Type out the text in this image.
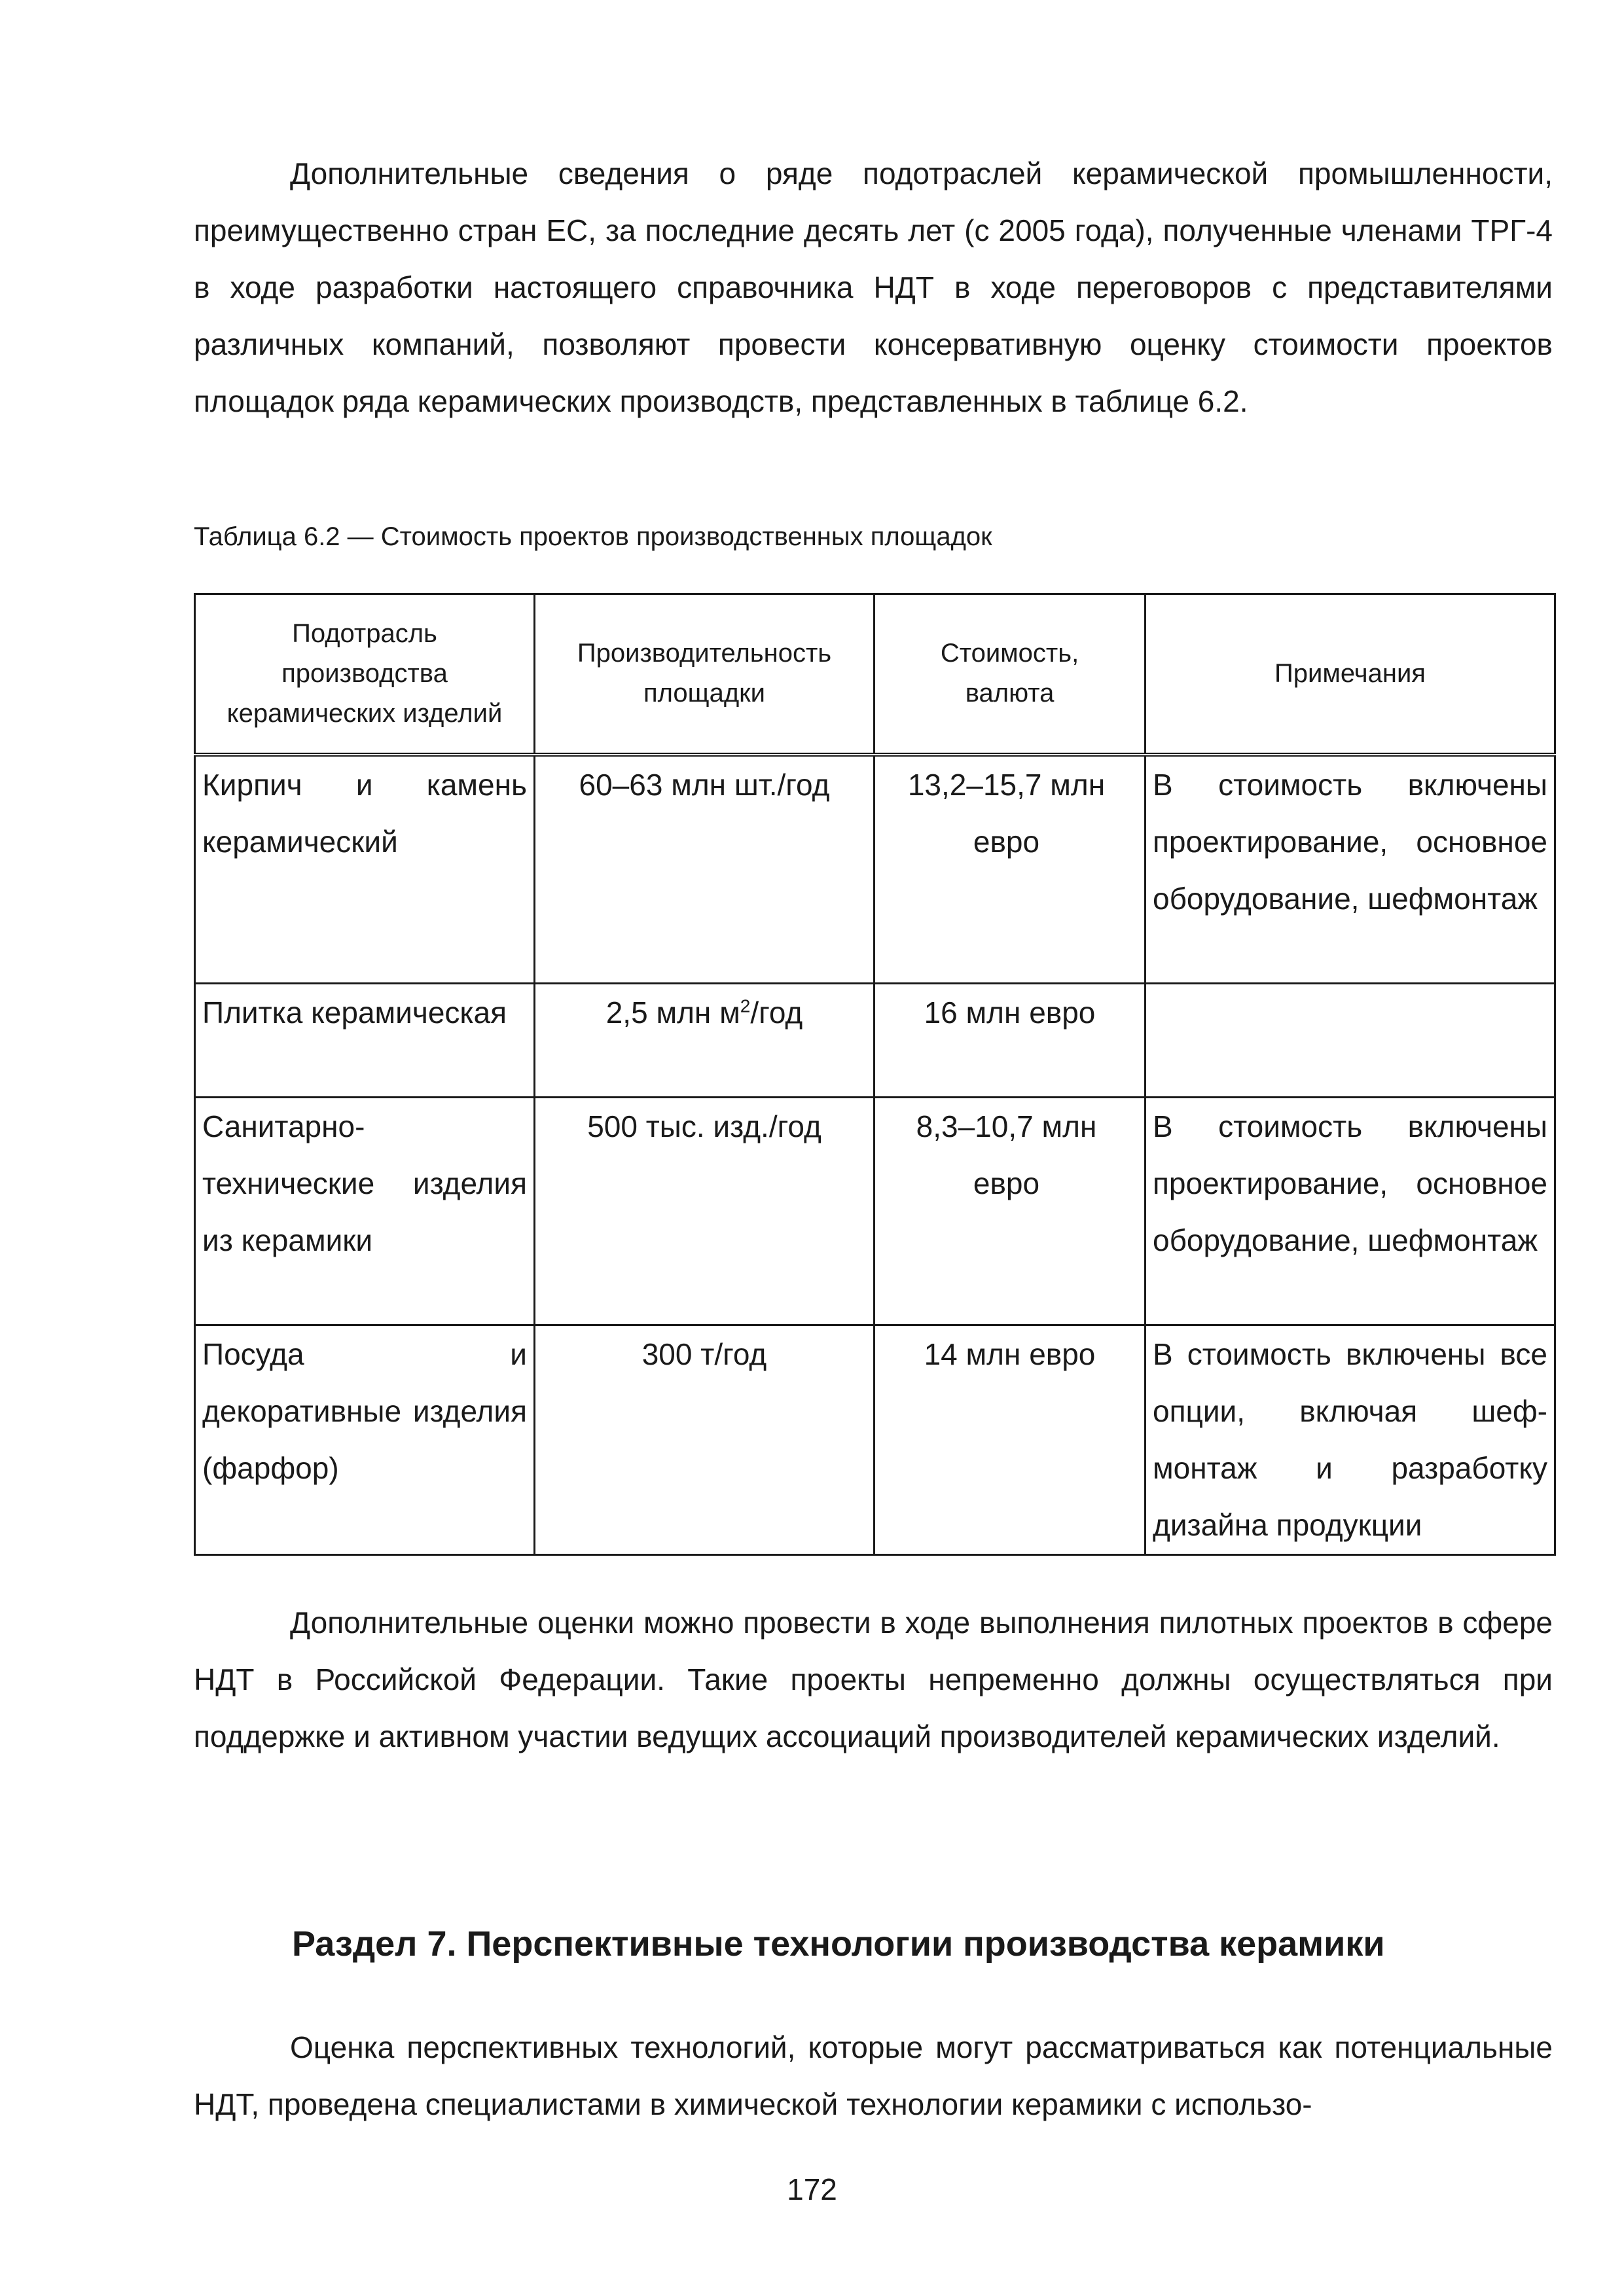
Дополнительные сведения о ряде подотраслей керамической промышленности, преимущественно стран ЕС, за последние десять лет (с 2005 года), полученные членами ТРГ-4 в ходе разработки настоящего справочника НДТ в ходе переговоров с представителями различных компаний, позволяют провести консервативную оценку стоимости проектов площадок ряда керамических производств, представленных в таблице 6.2.

Таблица 6.2 — Стоимость проектов производственных площадок

Подотрасль производства керамических изделий	Производительность площадки	Стоимость, валюта	Примечания
Кирпич и камень керамический	60–63 млн шт./год	13,2–15,7 млн евро	В стоимость включены проектирование, основное оборудование, шефмонтаж
Плитка керамическая	2,5 млн $м^2$/год	16 млн евро	
Санитарно-технические изделия из керамики	500 тыс. изд./год	8,3–10,7 млн евро	В стоимость включены проектирование, основное оборудование, шефмонтаж
Посуда и декоративные изделия (фарфор)	300 т/год	14 млн евро	В стоимость включены все опции, включая шеф-монтаж и разработку дизайна продукции

Дополнительные оценки можно провести в ходе выполнения пилотных проектов в сфере НДТ в Российской Федерации. Такие проекты непременно должны осуществляться при поддержке и активном участии ведущих ассоциаций производителей керамических изделий.

Раздел 7. Перспективные технологии производства керамики

Оценка перспективных технологий, которые могут рассматриваться как потенциальные НДТ, проведена специалистами в химической технологии керамики с использо-

172
